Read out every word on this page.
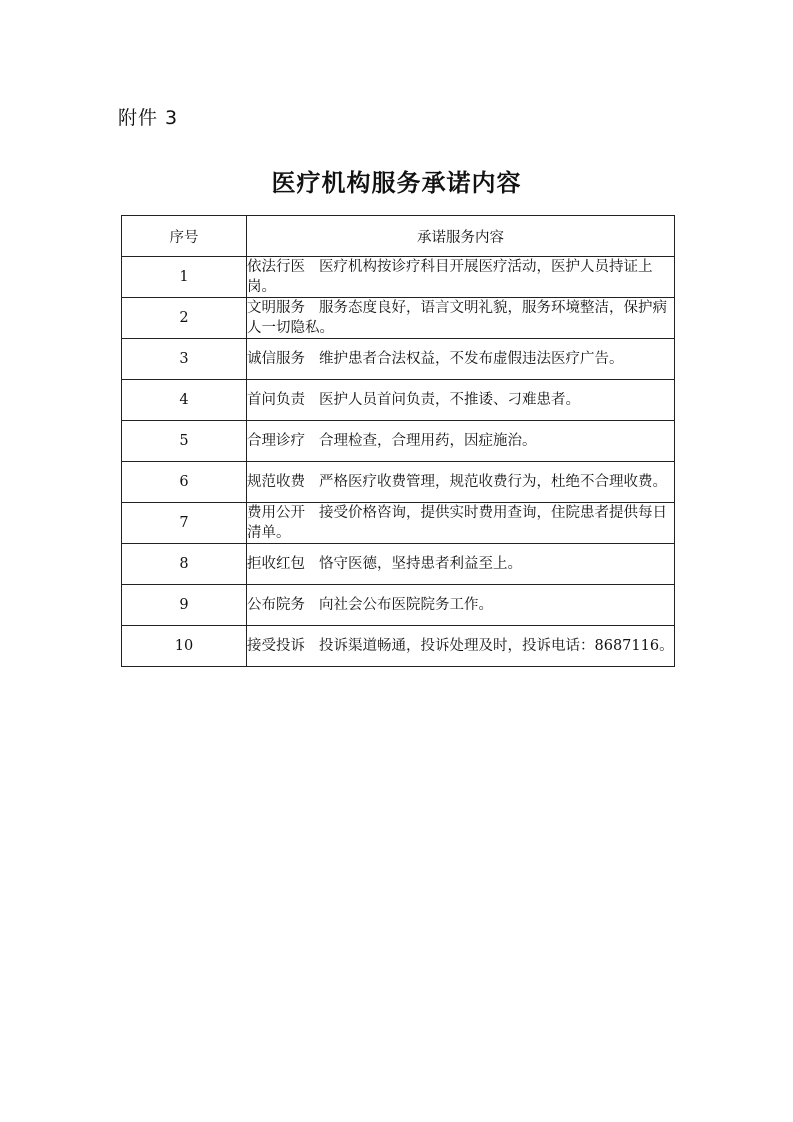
附件 3
医疗机构服务承诺内容
序号	承诺服务内容
1	依法行医 医疗机构按诊疗科目开展医疗活动，医护人员持证上岗。
2	文明服务 服务态度良好，语言文明礼貌，服务环境整洁，保护病人一切隐私。
3	诚信服务 维护患者合法权益，不发布虚假违法医疗广告。
4	首问负责 医护人员首问负责，不推诿、刁难患者。
5	合理诊疗 合理检查，合理用药，因症施治。
6	规范收费 严格医疗收费管理，规范收费行为，杜绝不合理收费。
7	费用公开 接受价格咨询，提供实时费用查询，住院患者提供每日清单。
8	拒收红包 恪守医德，坚持患者利益至上。
9	公布院务 向社会公布医院院务工作。
10	接受投诉 投诉渠道畅通，投诉处理及时，投诉电话：8687116。
